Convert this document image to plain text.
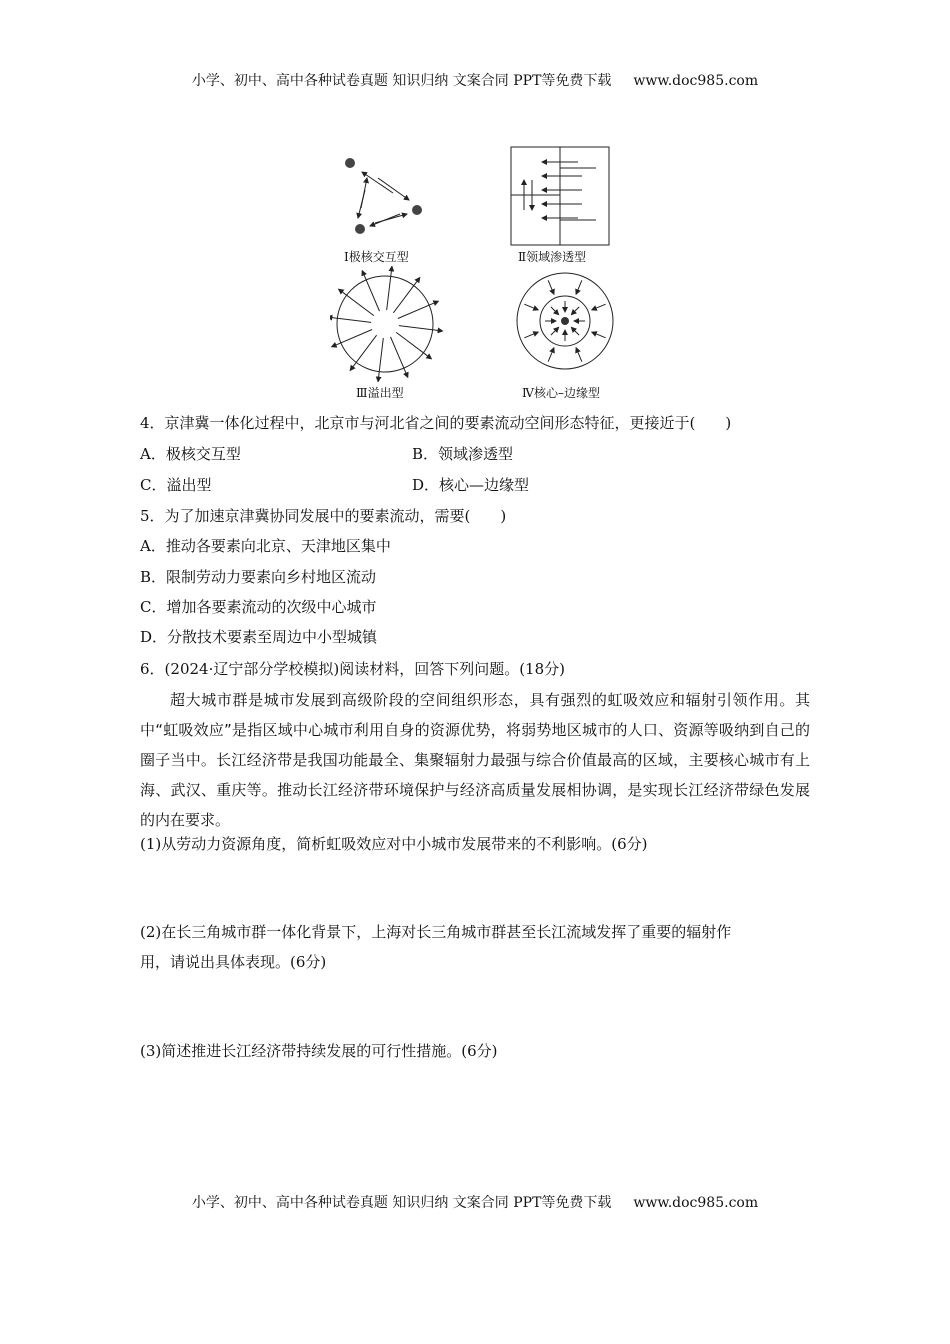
小学、初中、高中各种试卷真题 知识归纳 文案合同 PPT等免费下载 www.doc985.com
Ⅰ极核交互型	Ⅱ领域渗透型
Ⅲ溢出型	Ⅳ核心–边缘型
4．京津冀一体化过程中，北京市与河北省之间的要素流动空间形态特征，更接近于(　　)
A．极核交互型	B．领域渗透型
C．溢出型	D．核心—边缘型
5．为了加速京津冀协同发展中的要素流动，需要(　　)
A．推动各要素向北京、天津地区集中
B．限制劳动力要素向乡村地区流动
C．增加各要素流动的次级中心城市
D．分散技术要素至周边中小型城镇
6．(2024·辽宁部分学校模拟)阅读材料，回答下列问题。(18分)
超大城市群是城市发展到高级阶段的空间组织形态，具有强烈的虹吸效应和辐射引领作用。其中“虹吸效应”是指区域中心城市利用自身的资源优势，将弱势地区城市的人口、资源等吸纳到自己的圈子当中。长江经济带是我国功能最全、集聚辐射力最强与综合价值最高的区域，主要核心城市有上海、武汉、重庆等。推动长江经济带环境保护与经济高质量发展相协调，是实现长江经济带绿色发展的内在要求。
(1)从劳动力资源角度，简析虹吸效应对中小城市发展带来的不利影响。(6分)
(2)在长三角城市群一体化背景下，上海对长三角城市群甚至长江流域发挥了重要的辐射作
用，请说出具体表现。(6分)
(3)简述推进长江经济带持续发展的可行性措施。(6分)
小学、初中、高中各种试卷真题 知识归纳 文案合同 PPT等免费下载 www.doc985.com
